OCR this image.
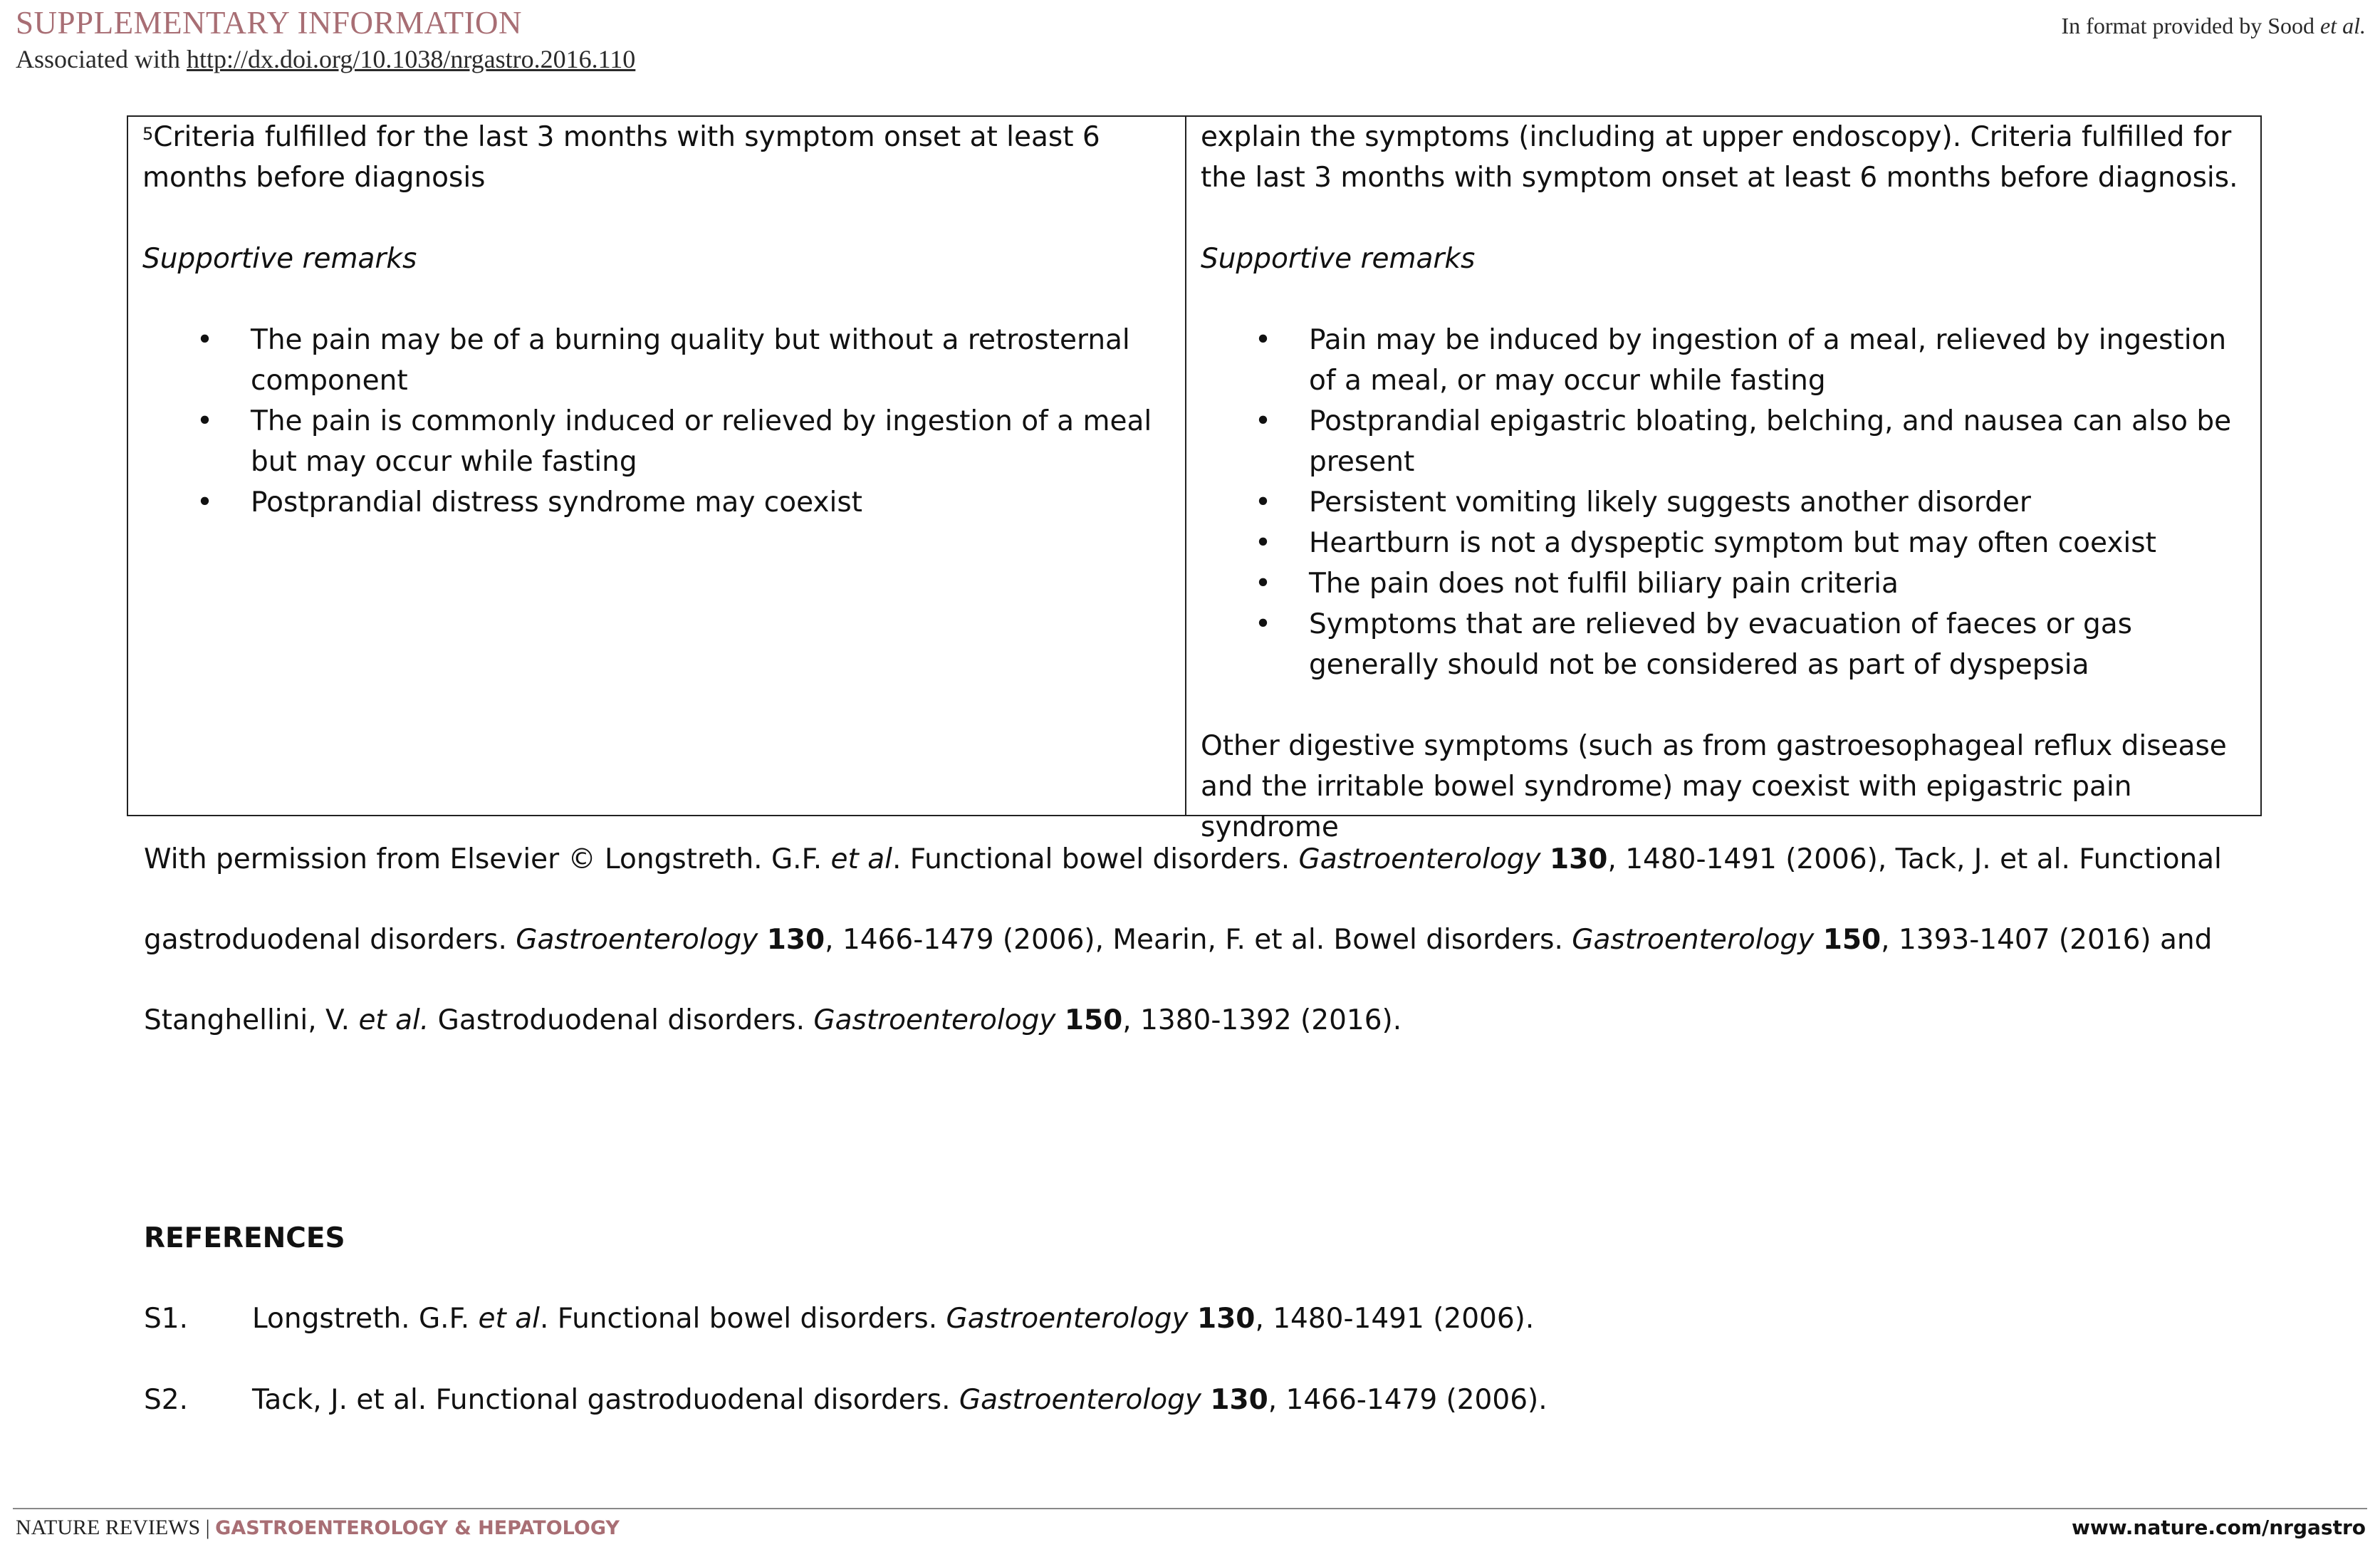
SUPPLEMENTARY INFORMATION
Associated with http://dx.doi.org/10.1038/nrgastro.2016.110
In format provided by Sood et al.

$^5$Criteria fulfilled for the last 3 months with symptom onset at least 6 months before diagnosis

Supportive remarks

• The pain may be of a burning quality but without a retrosternal component
• The pain is commonly induced or relieved by ingestion of a meal but may occur while fasting
• Postprandial distress syndrome may coexist

explain the symptoms (including at upper endoscopy). Criteria fulfilled for the last 3 months with symptom onset at least 6 months before diagnosis.

Supportive remarks

• Pain may be induced by ingestion of a meal, relieved by ingestion of a meal, or may occur while fasting
• Postprandial epigastric bloating, belching, and nausea can also be present
• Persistent vomiting likely suggests another disorder
• Heartburn is not a dyspeptic symptom but may often coexist
• The pain does not fulfil biliary pain criteria
• Symptoms that are relieved by evacuation of faeces or gas generally should not be considered as part of dyspepsia

Other digestive symptoms (such as from gastroesophageal reflux disease and the irritable bowel syndrome) may coexist with epigastric pain syndrome

With permission from Elsevier © Longstreth. G.F. et al. Functional bowel disorders. Gastroenterology 130, 1480-1491 (2006), Tack, J. et al. Functional gastroduodenal disorders. Gastroenterology 130, 1466-1479 (2006), Mearin, F. et al. Bowel disorders. Gastroenterology 150, 1393-1407 (2016) and Stanghellini, V. et al. Gastroduodenal disorders. Gastroenterology 150, 1380-1392 (2016).
REFERENCES
S1. Longstreth. G.F. et al. Functional bowel disorders. Gastroenterology 130, 1480-1491 (2006).
S2. Tack, J. et al. Functional gastroduodenal disorders. Gastroenterology 130, 1466-1479 (2006).
NATURE REVIEWS | GASTROENTEROLOGY & HEPATOLOGY	www.nature.com/nrgastro
